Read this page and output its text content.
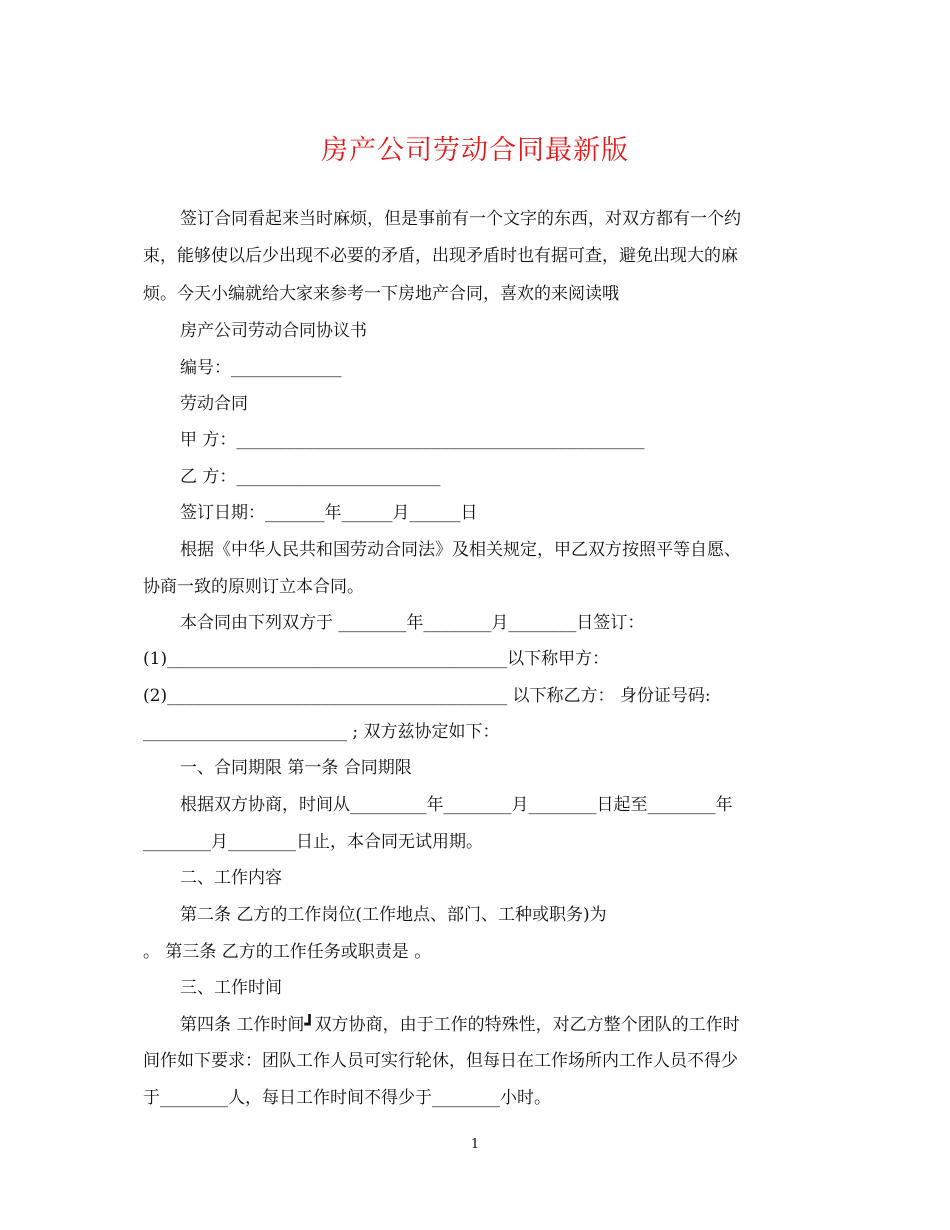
房产公司劳动合同最新版
签订合同看起来当时麻烦，但是事前有一个文字的东西，对双方都有一个约
束，能够使以后少出现不必要的矛盾，出现矛盾时也有据可查，避免出现大的麻
烦。今天小编就给大家来参考一下房地产合同，喜欢的来阅读哦
房产公司劳动合同协议书
编号：_____________
劳动合同
甲 方：________________________________________________
乙 方：________________________
签订日期：_______年______月______日
根据《中华人民共和国劳动合同法》及相关规定，甲乙双方按照平等自愿、
协商一致的原则订立本合同。
本合同由下列双方于 ________年________月________日签订：
(1)________________________________________以下称甲方：
(2)________________________________________ 以下称乙方： 身份证号码:
________________________ ; 双方兹协定如下：
一、合同期限 第一条 合同期限
根据双方协商，时间从_________年________月________日起至________年
________月________日止，本合同无试用期。
二、工作内容
第二条 乙方的工作岗位(工作地点、部门、工种或职务)为
。 第三条 乙方的工作任务或职责是 。
三、工作时间
第四条 工作时间┛双方协商，由于工作的特殊性，对乙方整个团队的工作时
间作如下要求：团队工作人员可实行轮休，但每日在工作场所内工作人员不得少
于________人，每日工作时间不得少于________小时。
1
